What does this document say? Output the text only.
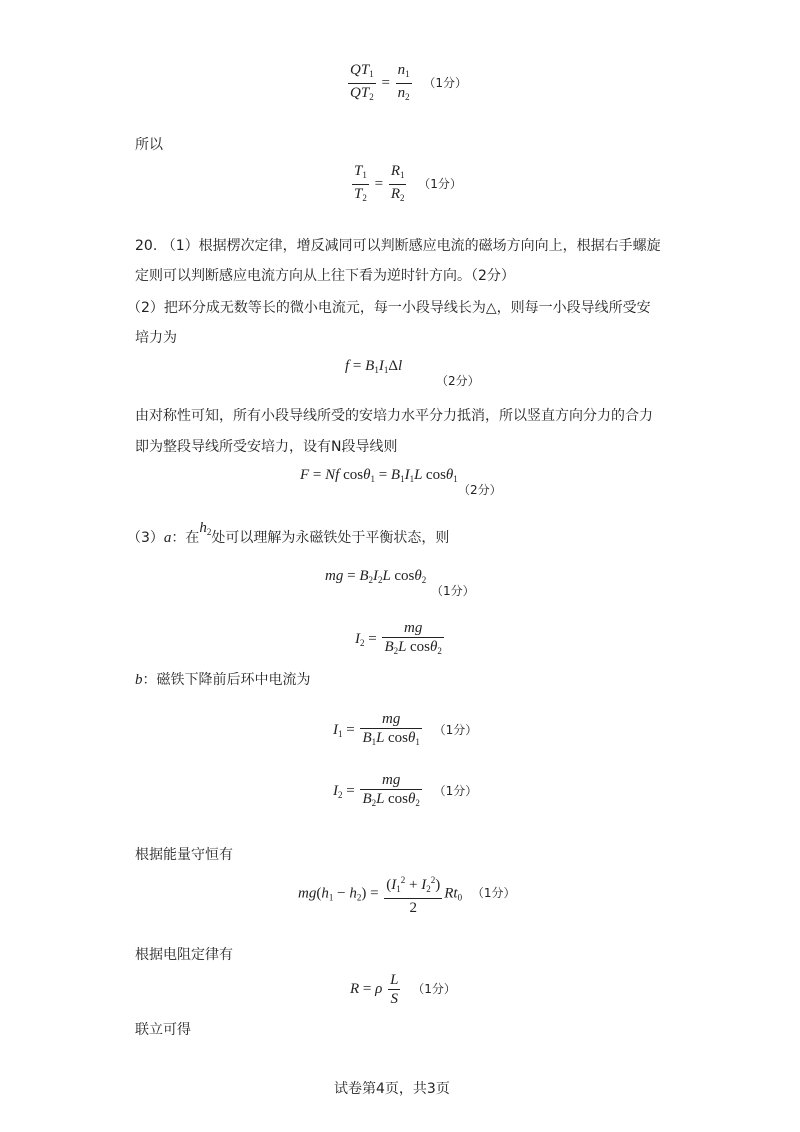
$\frac{QT_1}{QT_2} = \frac{n_1}{n_2} (1$分）
所以
$\frac{T_1}{T_2} = \frac{R_1}{R_2} (1$分）
20. （1）根据楞次定律，增反减同可以判断感应电流的磁场方向向上，根据右手螺旋
定则可以判断感应电流方向从上往下看为逆时针方向。（2分）
（2）把环分成无数等长的微小电流元，每一小段导线长为△，则每一小段导线所受安
培力为
$f = B_1I_1\Delta l$
（2分）
由对称性可知，所有小段导线所受的安培力水平分力抵消，所以竖直方向分力的合力
即为整段导线所受安培力，设有N段导线则
F = Nf $\cos\theta_1 = B_1I_1L$ cosθ$_1$
（2分）
（3）a：在$h_2$处可以理解为永磁铁处于平衡状态，则
mg = $B_2I_2L$ cosθ$_2$
（1分）
$I_2 = \frac{mg}{B_2L \cos\theta_2}$
b：磁铁下降前后环中电流为
$I_1 = \frac{mg}{B_1L \cos\theta_1} (1$分）
$I_2 = \frac{mg}{B_2L \cos\theta_2} (1$分）
根据能量守恒有
$mg(h_1 - h_2) = \frac{(I_1^2 + I_2^2)}{2} Rt_0$ （1分）
根据电阻定律有
R = ρ $\frac{L}{S} (1$分）
联立可得
试卷第4页，共3页
